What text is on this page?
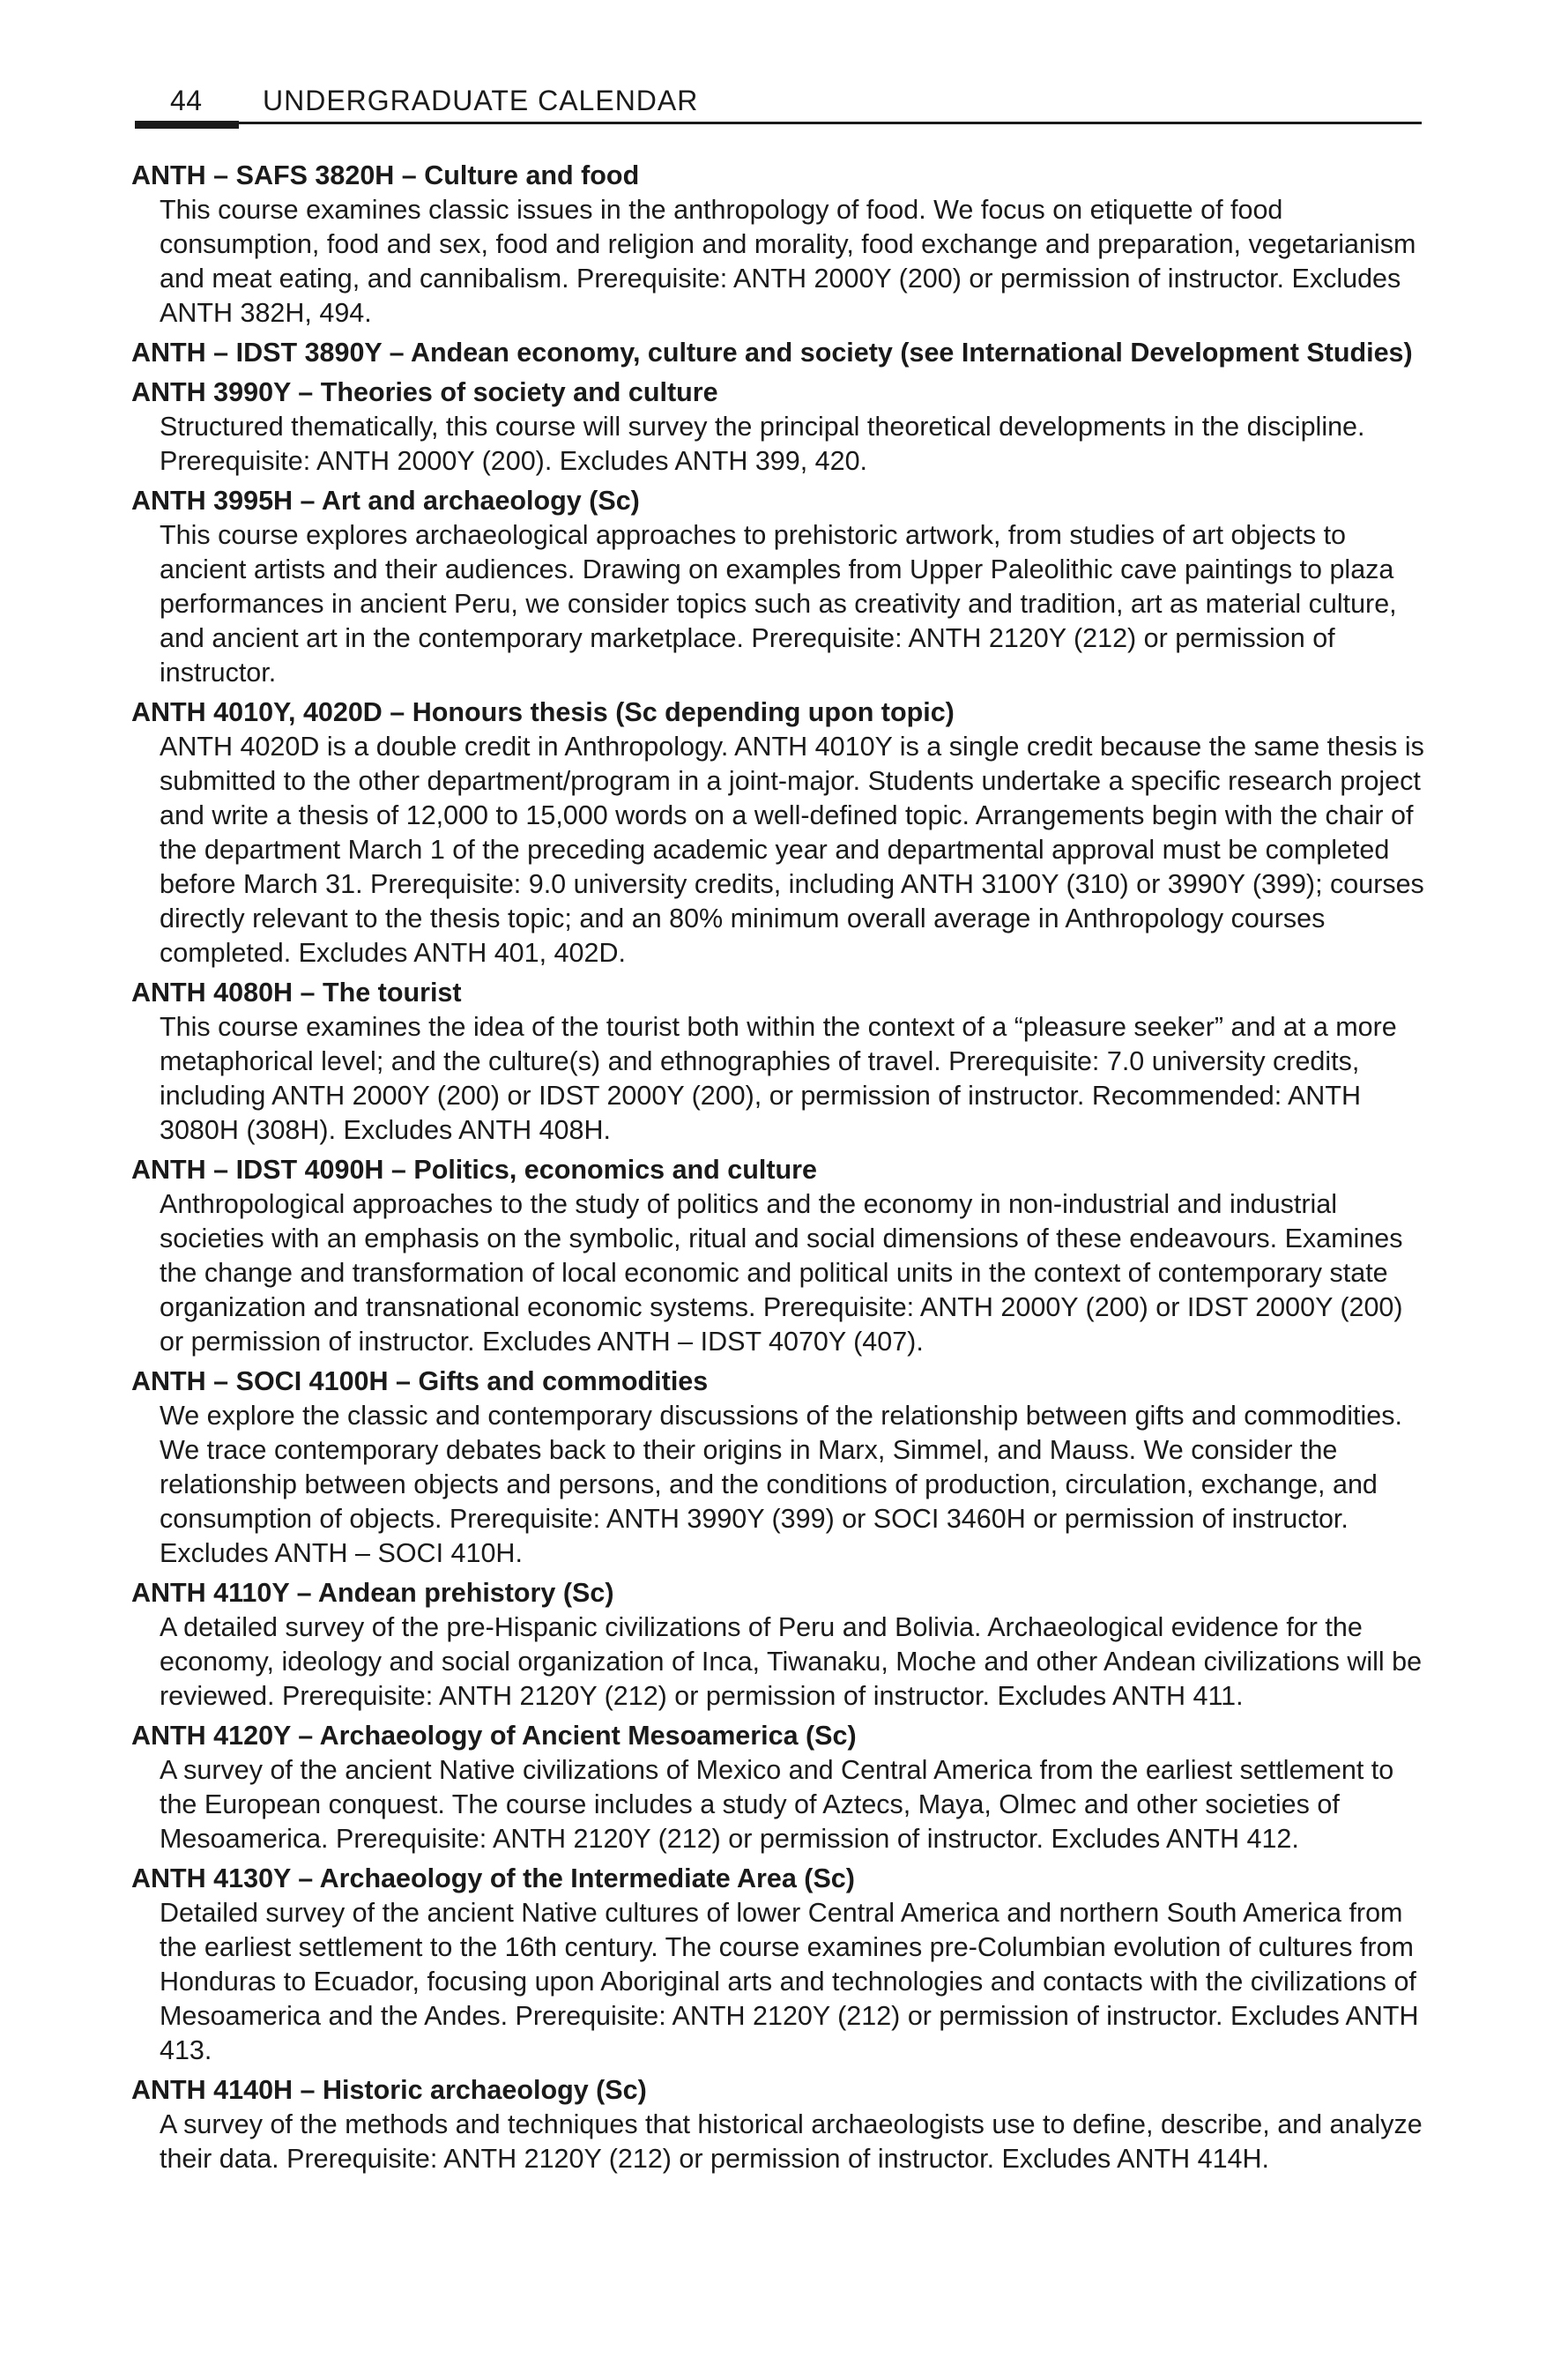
44 UNDERGRADUATE CALENDAR

ANTH – SAFS 3820H – Culture and food

This course examines classic issues in the anthropology of food. We focus on etiquette of food consumption, food and sex, food and religion and morality, food exchange and preparation, vegetarianism and meat eating, and cannibalism. Prerequisite: ANTH 2000Y (200) or permission of instructor. Excludes ANTH 382H, 494.

ANTH – IDST 3890Y – Andean economy, culture and society (see International Development Studies)

ANTH 3990Y – Theories of society and culture

Structured thematically, this course will survey the principal theoretical developments in the discipline. Prerequisite: ANTH 2000Y (200). Excludes ANTH 399, 420.

ANTH 3995H – Art and archaeology (Sc)

This course explores archaeological approaches to prehistoric artwork, from studies of art objects to ancient artists and their audiences. Drawing on examples from Upper Paleolithic cave paintings to plaza performances in ancient Peru, we consider topics such as creativity and tradition, art as material culture, and ancient art in the contemporary marketplace. Prerequisite: ANTH 2120Y (212) or permission of instructor.

ANTH 4010Y, 4020D – Honours thesis (Sc depending upon topic)

ANTH 4020D is a double credit in Anthropology. ANTH 4010Y is a single credit because the same thesis is submitted to the other department/program in a joint-major. Students undertake a specific research project and write a thesis of 12,000 to 15,000 words on a well-defined topic. Arrangements begin with the chair of the department March 1 of the preceding academic year and departmental approval must be completed before March 31. Prerequisite: 9.0 university credits, including ANTH 3100Y (310) or 3990Y (399); courses directly relevant to the thesis topic; and an 80% minimum overall average in Anthropology courses completed. Excludes ANTH 401, 402D.

ANTH 4080H – The tourist

This course examines the idea of the tourist both within the context of a “pleasure seeker” and at a more metaphorical level; and the culture(s) and ethnographies of travel. Prerequisite: 7.0 university credits, including ANTH 2000Y (200) or IDST 2000Y (200), or permission of instructor. Recommended: ANTH 3080H (308H). Excludes ANTH 408H.

ANTH – IDST 4090H – Politics, economics and culture

Anthropological approaches to the study of politics and the economy in non-industrial and industrial societies with an emphasis on the symbolic, ritual and social dimensions of these endeavours. Examines the change and transformation of local economic and political units in the context of contemporary state organization and transnational economic systems. Prerequisite: ANTH 2000Y (200) or IDST 2000Y (200) or permission of instructor. Excludes ANTH – IDST 4070Y (407).

ANTH – SOCI 4100H – Gifts and commodities

We explore the classic and contemporary discussions of the relationship between gifts and commodities. We trace contemporary debates back to their origins in Marx, Simmel, and Mauss. We consider the relationship between objects and persons, and the conditions of production, circulation, exchange, and consumption of objects. Prerequisite: ANTH 3990Y (399) or SOCI 3460H or permission of instructor. Excludes ANTH – SOCI 410H.

ANTH 4110Y – Andean prehistory (Sc)

A detailed survey of the pre-Hispanic civilizations of Peru and Bolivia. Archaeological evidence for the economy, ideology and social organization of Inca, Tiwanaku, Moche and other Andean civilizations will be reviewed. Prerequisite: ANTH 2120Y (212) or permission of instructor. Excludes ANTH 411.

ANTH 4120Y – Archaeology of Ancient Mesoamerica (Sc)

A survey of the ancient Native civilizations of Mexico and Central America from the earliest settlement to the European conquest. The course includes a study of Aztecs, Maya, Olmec and other societies of Mesoamerica. Prerequisite: ANTH 2120Y (212) or permission of instructor. Excludes ANTH 412.

ANTH 4130Y – Archaeology of the Intermediate Area (Sc)

Detailed survey of the ancient Native cultures of lower Central America and northern South America from the earliest settlement to the 16th century. The course examines pre-Columbian evolution of cultures from Honduras to Ecuador, focusing upon Aboriginal arts and technologies and contacts with the civilizations of Mesoamerica and the Andes. Prerequisite: ANTH 2120Y (212) or permission of instructor. Excludes ANTH 413.

ANTH 4140H – Historic archaeology (Sc)

A survey of the methods and techniques that historical archaeologists use to define, describe, and analyze their data. Prerequisite: ANTH 2120Y (212) or permission of instructor. Excludes ANTH 414H.
